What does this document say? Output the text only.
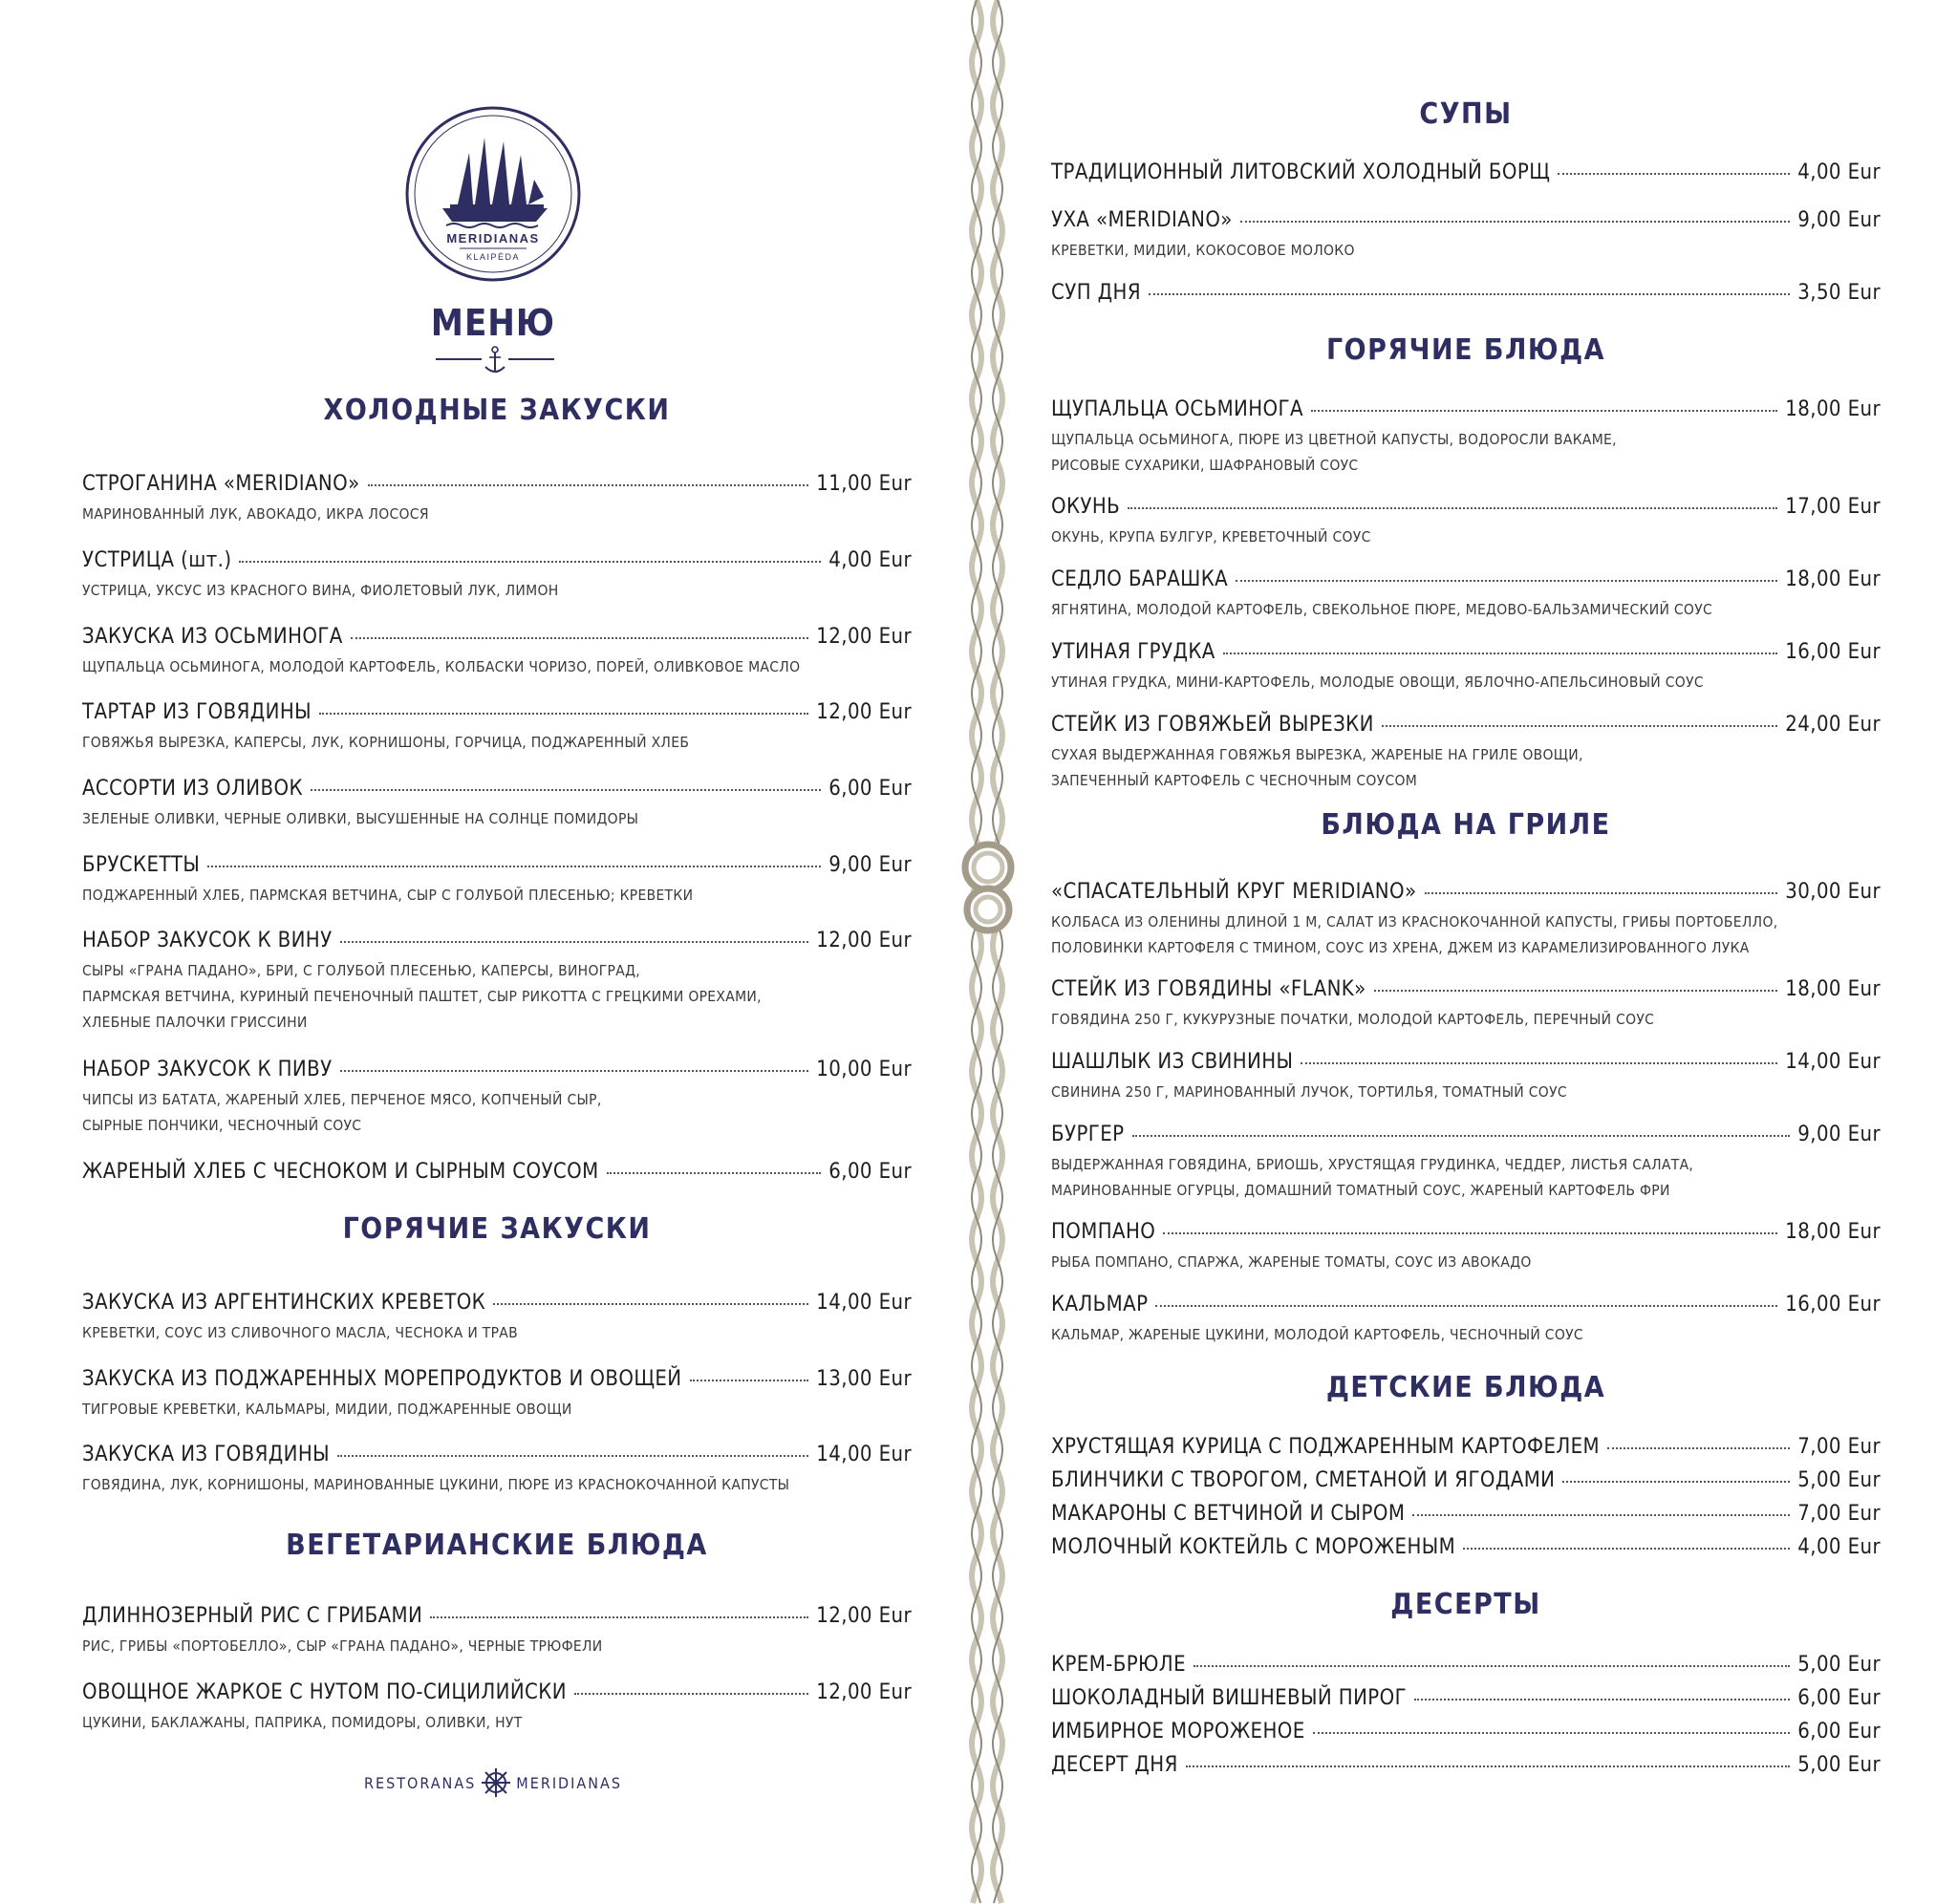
MERIDIANAS
KLAIPĖDA
МЕНЮ
ХОЛОДНЫЕ ЗАКУСКИ
СТРОГАНИНА «MERIDIANO»	11,00 Eur
МАРИНОВАННЫЙ ЛУК, АВОКАДО, ИКРА ЛОСОСЯ
УСТРИЦА (шт.)	4,00 Eur
УСТРИЦА, УКСУС ИЗ КРАСНОГО ВИНА, ФИОЛЕТОВЫЙ ЛУК, ЛИМОН
ЗАКУСКА ИЗ ОСЬМИНОГА	12,00 Eur
ЩУПАЛЬЦА ОСЬМИНОГА, МОЛОДОЙ КАРТОФЕЛЬ, КОЛБАСКИ ЧОРИЗО, ПОРЕЙ, ОЛИВКОВОЕ МАСЛО
ТАРТАР ИЗ ГОВЯДИНЫ	12,00 Eur
ГОВЯЖЬЯ ВЫРЕЗКА, КАПЕРСЫ, ЛУК, КОРНИШОНЫ, ГОРЧИЦА, ПОДЖАРЕННЫЙ ХЛЕБ
АССОРТИ ИЗ ОЛИВОК	6,00 Eur
ЗЕЛЕНЫЕ ОЛИВКИ, ЧЕРНЫЕ ОЛИВКИ, ВЫСУШЕННЫЕ НА СОЛНЦЕ ПОМИДОРЫ
БРУСКЕТТЫ	9,00 Eur
ПОДЖАРЕННЫЙ ХЛЕБ, ПАРМСКАЯ ВЕТЧИНА, СЫР С ГОЛУБОЙ ПЛЕСЕНЬЮ; КРЕВЕТКИ
НАБОР ЗАКУСОК К ВИНУ	12,00 Eur
СЫРЫ «ГРАНА ПАДАНО», БРИ, С ГОЛУБОЙ ПЛЕСЕНЬЮ, КАПЕРСЫ, ВИНОГРАД,
ПАРМСКАЯ ВЕТЧИНА, КУРИНЫЙ ПЕЧЕНОЧНЫЙ ПАШТЕТ, СЫР РИКОТТА С ГРЕЦКИМИ ОРЕХАМИ,
ХЛЕБНЫЕ ПАЛОЧКИ ГРИССИНИ
НАБОР ЗАКУСОК К ПИВУ	10,00 Eur
ЧИПСЫ ИЗ БАТАТА, ЖАРЕНЫЙ ХЛЕБ, ПЕРЧЕНОЕ МЯСО, КОПЧЕНЫЙ СЫР,
СЫРНЫЕ ПОНЧИКИ, ЧЕСНОЧНЫЙ СОУС
ЖАРЕНЫЙ ХЛЕБ С ЧЕСНОКОМ И СЫРНЫМ СОУСОМ	6,00 Eur
ГОРЯЧИЕ ЗАКУСКИ
ЗАКУСКА ИЗ АРГЕНТИНСКИХ КРЕВЕТОК	14,00 Eur
КРЕВЕТКИ, СОУС ИЗ СЛИВОЧНОГО МАСЛА, ЧЕСНОКА И ТРАВ
ЗАКУСКА ИЗ ПОДЖАРЕННЫХ МОРЕПРОДУКТОВ И ОВОЩЕЙ	13,00 Eur
ТИГРОВЫЕ КРЕВЕТКИ, КАЛЬМАРЫ, МИДИИ, ПОДЖАРЕННЫЕ ОВОЩИ
ЗАКУСКА ИЗ ГОВЯДИНЫ	14,00 Eur
ГОВЯДИНА, ЛУК, КОРНИШОНЫ, МАРИНОВАННЫЕ ЦУКИНИ, ПЮРЕ ИЗ КРАСНОКОЧАННОЙ КАПУСТЫ
ВЕГЕТАРИАНСКИЕ БЛЮДА
ДЛИННОЗЕРНЫЙ РИС С ГРИБАМИ	12,00 Eur
РИС, ГРИБЫ «ПОРТОБЕЛЛО», СЫР «ГРАНА ПАДАНО», ЧЕРНЫЕ ТРЮФЕЛИ
ОВОЩНОЕ ЖАРКОЕ С НУТОМ ПО-СИЦИЛИЙСКИ	12,00 Eur
ЦУКИНИ, БАКЛАЖАНЫ, ПАПРИКА, ПОМИДОРЫ, ОЛИВКИ, НУТ
СУПЫ
ТРАДИЦИОННЫЙ ЛИТОВСКИЙ ХОЛОДНЫЙ БОРЩ	4,00 Eur
УХА «MERIDIANO»	9,00 Eur
КРЕВЕТКИ, МИДИИ, КОКОСОВОЕ МОЛОКО
СУП ДНЯ	3,50 Eur
ГОРЯЧИЕ БЛЮДА
ЩУПАЛЬЦА ОСЬМИНОГА	18,00 Eur
ЩУПАЛЬЦА ОСЬМИНОГА, ПЮРЕ ИЗ ЦВЕТНОЙ КАПУСТЫ, ВОДОРОСЛИ ВАКАМЕ,
РИСОВЫЕ СУХАРИКИ, ШАФРАНОВЫЙ СОУС
ОКУНЬ	17,00 Eur
ОКУНЬ, КРУПА БУЛГУР, КРЕВЕТОЧНЫЙ СОУС
СЕДЛО БАРАШКА	18,00 Eur
ЯГНЯТИНА, МОЛОДОЙ КАРТОФЕЛЬ, СВЕКОЛЬНОЕ ПЮРЕ, МЕДОВО-БАЛЬЗАМИЧЕСКИЙ СОУС
УТИНАЯ ГРУДКА	16,00 Eur
УТИНАЯ ГРУДКА, МИНИ-КАРТОФЕЛЬ, МОЛОДЫЕ ОВОЩИ, ЯБЛОЧНО-АПЕЛЬСИНОВЫЙ СОУС
СТЕЙК ИЗ ГОВЯЖЬЕЙ ВЫРЕЗКИ	24,00 Eur
СУХАЯ ВЫДЕРЖАННАЯ ГОВЯЖЬЯ ВЫРЕЗКА, ЖАРЕНЫЕ НА ГРИЛЕ ОВОЩИ,
ЗАПЕЧЕННЫЙ КАРТОФЕЛЬ С ЧЕСНОЧНЫМ СОУСОМ
БЛЮДА НА ГРИЛЕ
«СПАСАТЕЛЬНЫЙ КРУГ MERIDIANO»	30,00 Eur
КОЛБАСА ИЗ ОЛЕНИНЫ ДЛИНОЙ 1 М, САЛАТ ИЗ КРАСНОКОЧАННОЙ КАПУСТЫ, ГРИБЫ ПОРТОБЕЛЛО,
ПОЛОВИНКИ КАРТОФЕЛЯ С ТМИНОМ, СОУС ИЗ ХРЕНА, ДЖЕМ ИЗ КАРАМЕЛИЗИРОВАННОГО ЛУКА
СТЕЙК ИЗ ГОВЯДИНЫ «FLANK»	18,00 Eur
ГОВЯДИНА 250 Г, КУКУРУЗНЫЕ ПОЧАТКИ, МОЛОДОЙ КАРТОФЕЛЬ, ПЕРЕЧНЫЙ СОУС
ШАШЛЫК ИЗ СВИНИНЫ	14,00 Eur
СВИНИНА 250 Г, МАРИНОВАННЫЙ ЛУЧОК, ТОРТИЛЬЯ, ТОМАТНЫЙ СОУС
БУРГЕР	9,00 Eur
ВЫДЕРЖАННАЯ ГОВЯДИНА, БРИОШЬ, ХРУСТЯЩАЯ ГРУДИНКА, ЧЕДДЕР, ЛИСТЬЯ САЛАТА,
МАРИНОВАННЫЕ ОГУРЦЫ, ДОМАШНИЙ ТОМАТНЫЙ СОУС, ЖАРЕНЫЙ КАРТОФЕЛЬ ФРИ
ПОМПАНО	18,00 Eur
РЫБА ПОМПАНО, СПАРЖА, ЖАРЕНЫЕ ТОМАТЫ, СОУС ИЗ АВОКАДО
КАЛЬМАР	16,00 Eur
КАЛЬМАР, ЖАРЕНЫЕ ЦУКИНИ, МОЛОДОЙ КАРТОФЕЛЬ, ЧЕСНОЧНЫЙ СОУС
ДЕТСКИЕ БЛЮДА
ХРУСТЯЩАЯ КУРИЦА С ПОДЖАРЕННЫМ КАРТОФЕЛЕМ	7,00 Eur
БЛИНЧИКИ С ТВОРОГОМ, СМЕТАНОЙ И ЯГОДАМИ	5,00 Eur
МАКАРОНЫ С ВЕТЧИНОЙ И СЫРОМ	7,00 Eur
МОЛОЧНЫЙ КОКТЕЙЛЬ С МОРОЖЕНЫМ	4,00 Eur
ДЕСЕРТЫ
КРЕМ-БРЮЛЕ	5,00 Eur
ШОКОЛАДНЫЙ ВИШНЕВЫЙ ПИРОГ	6,00 Eur
ИМБИРНОЕ МОРОЖЕНОЕ	6,00 Eur
ДЕСЕРТ ДНЯ	5,00 Eur
RESTORANAS	MERIDIANAS
